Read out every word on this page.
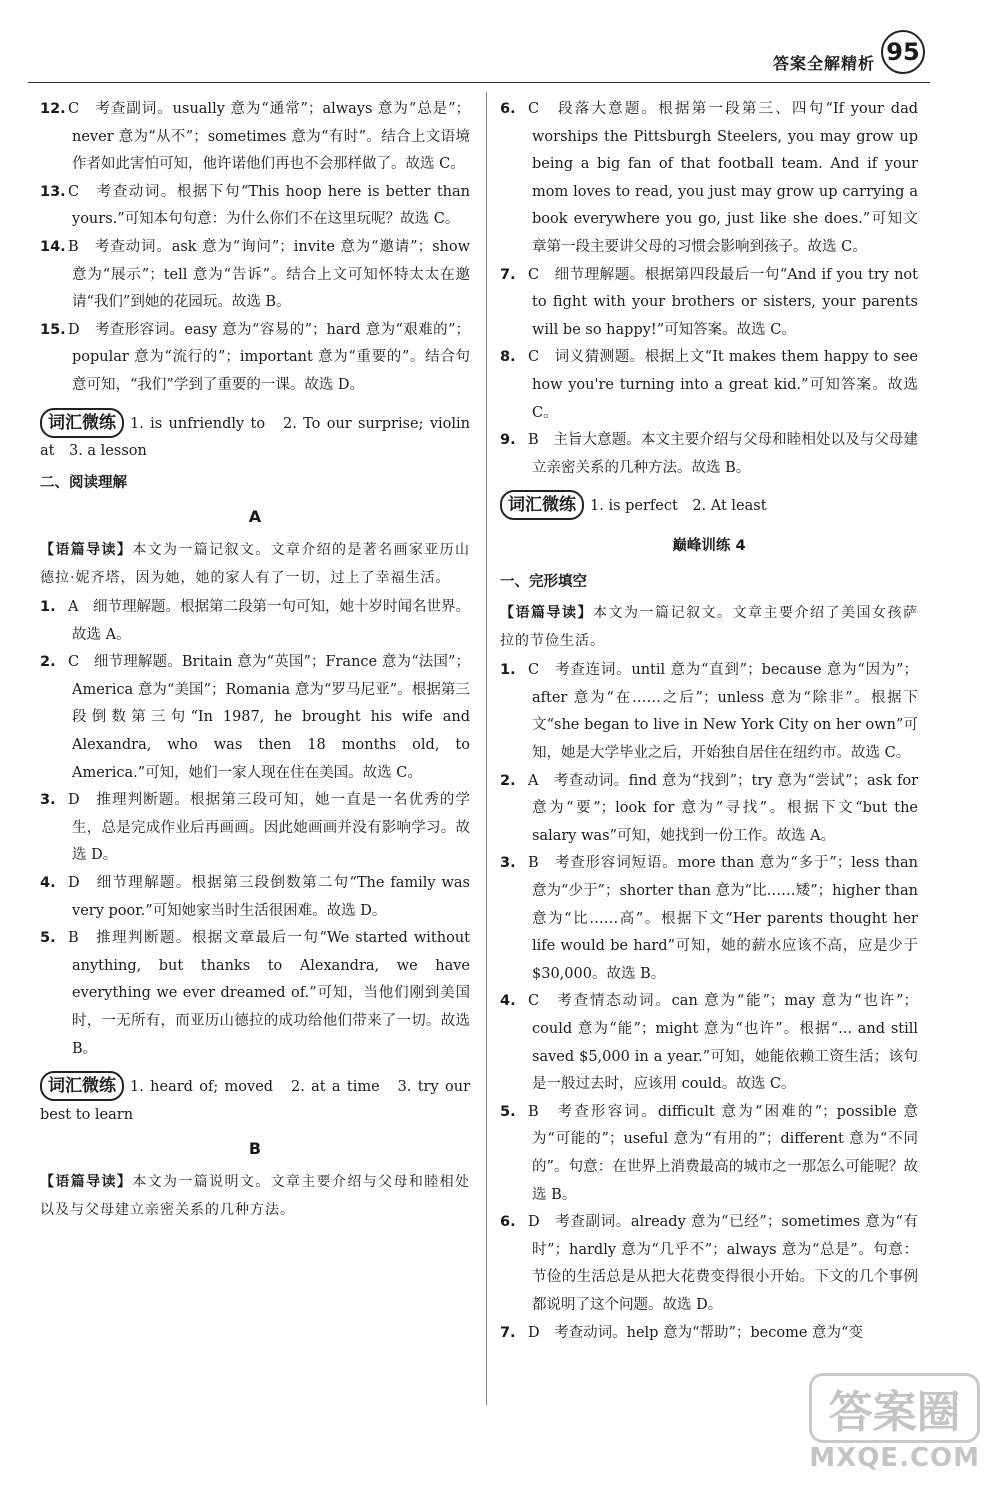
答案全解精析 95

12. C　考查副词。usually 意为“通常”；always 意为“总是”；never 意为“从不”；sometimes 意为“有时”。结合上文语境作者如此害怕可知，他许诺他们再也不会那样做了。故选 C。

13. C　考查动词。根据下句“This hoop here is better than yours.”可知本句句意：为什么你们不在这里玩呢？故选 C。

14. B　考查动词。ask 意为“询问”；invite 意为“邀请”；show 意为“展示”；tell 意为“告诉”。结合上文可知怀特太太在邀请“我们”到她的花园玩。故选 B。

15. D　考查形容词。easy 意为“容易的”；hard 意为“艰难的”；popular 意为“流行的”；important 意为“重要的”。结合句意可知，“我们”学到了重要的一课。故选 D。

词汇微练 1. is unfriendly to　2. To our surprise; violin at　3. a lesson

二、阅读理解
A

【语篇导读】本文为一篇记叙文。文章介绍的是著名画家亚历山德拉·妮齐塔，因为她，她的家人有了一切，过上了幸福生活。

1. A　细节理解题。根据第二段第一句可知，她十岁时闻名世界。故选 A。

2. C　细节理解题。Britain 意为“英国”；France 意为“法国”；America 意为“美国”；Romania 意为“罗马尼亚”。根据第三段倒数第三句“In 1987, he brought his wife and Alexandra, who was then 18 months old, to America.”可知，她们一家人现在住在美国。故选 C。

3. D　推理判断题。根据第三段可知，她一直是一名优秀的学生，总是完成作业后再画画。因此她画画并没有影响学习。故选 D。

4. D　细节理解题。根据第三段倒数第二句“The family was very poor.”可知她家当时生活很困难。故选 D。

5. B　推理判断题。根据文章最后一句“We started without anything, but thanks to Alexandra, we have everything we ever dreamed of.”可知，当他们刚到美国时，一无所有，而亚历山德拉的成功给他们带来了一切。故选 B。

词汇微练 1. heard of; moved　2. at a time　3. try our best to learn

B

【语篇导读】本文为一篇说明文。文章主要介绍与父母和睦相处以及与父母建立亲密关系的几种方法。

6. C　段落大意题。根据第一段第三、四句“If your dad worships the Pittsburgh Steelers, you may grow up being a big fan of that football team. And if your mom loves to read, you just may grow up carrying a book everywhere you go, just like she does.”可知文章第一段主要讲父母的习惯会影响到孩子。故选 C。

7. C　细节理解题。根据第四段最后一句“And if you try not to fight with your brothers or sisters, your parents will be so happy!”可知答案。故选 C。

8. C　词义猜测题。根据上文“It makes them happy to see how you're turning into a great kid.”可知答案。故选 C。

9. B　主旨大意题。本文主要介绍与父母和睦相处以及与父母建立亲密关系的几种方法。故选 B。

词汇微练 1. is perfect　2. At least

巅峰训练 4
一、完形填空

【语篇导读】本文为一篇记叙文。文章主要介绍了美国女孩萨拉的节俭生活。

1. C　考查连词。until 意为“直到”；because 意为“因为”；after 意为“在……之后”；unless 意为“除非”。根据下文“she began to live in New York City on her own”可知，她是大学毕业之后，开始独自居住在纽约市。故选 C。

2. A　考查动词。find 意为“找到”；try 意为“尝试”；ask for 意为“要”；look for 意为“寻找”。根据下文“but the salary was”可知，她找到一份工作。故选 A。

3. B　考查形容词短语。more than 意为“多于”；less than 意为“少于”；shorter than 意为“比……矮”；higher than 意为“比……高”。根据下文“Her parents thought her life would be hard”可知，她的薪水应该不高，应是少于 $30,000。故选 B。

4. C　考查情态动词。can 意为“能”；may 意为“也许”；could 意为“能”；might 意为“也许”。根据“... and still saved $5,000 in a year.”可知，她能依赖工资生活；该句是一般过去时，应该用 could。故选 C。

5. B　考查形容词。difficult 意为“困难的”；possible 意为“可能的”；useful 意为“有用的”；different 意为“不同的”。句意：在世界上消费最高的城市之一那怎么可能呢？故选 B。

6. D　考查副词。already 意为“已经”；sometimes 意为“有时”；hardly 意为“几乎不”；always 意为“总是”。句意：节俭的生活总是从把大花费变得很小开始。下文的几个事例都说明了这个问题。故选 D。

7. D　考查动词。help 意为“帮助”；become 意为“变

答案圈
MXQE.COM
